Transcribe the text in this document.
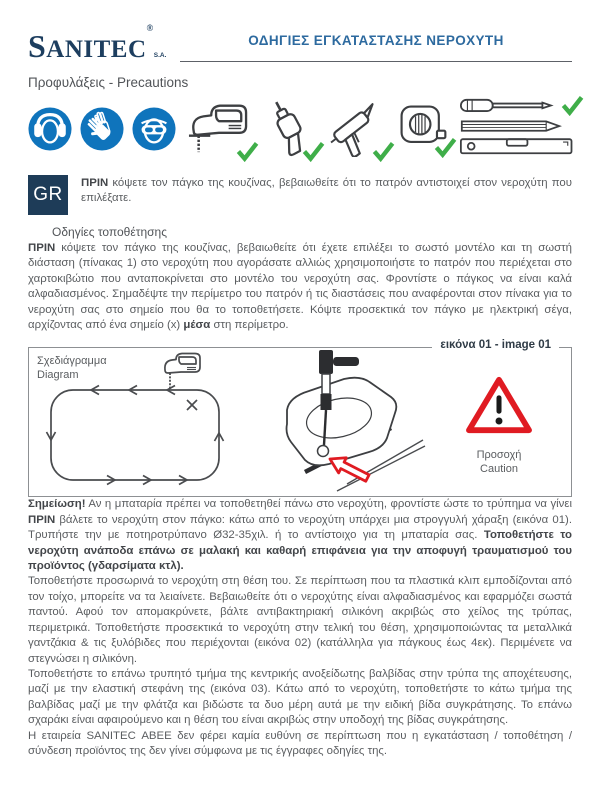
SANITEC®S.A.
ΟΔΗΓΙΕΣ ΕΓΚΑΤΑΣΤΑΣΗΣ ΝΕΡΟΧΥΤΗ
Προφυλάξεις - Precautions
GR
ΠΡΙΝ κόψετε τον πάγκο της κουζίνας, βεβαιωθείτε ότι το πατρόν αντιστοιχεί στον νεροχύτη που επιλέξατε.
Οδηγίες τοποθέτησης

ΠΡΙΝ κόψετε τον πάγκο της κουζίνας, βεβαιωθείτε ότι έχετε επιλέξει το σωστό μοντέλο και τη σωστή διάσταση (πίνακας 1) στο νεροχύτη που αγοράσατε αλλιώς χρησιμοποιήστε το πατρόν που περιέχεται στο χαρτοκιβώτιο που ανταποκρίνεται στο μοντέλο του νεροχύτη σας. Φροντίστε ο πάγκος να είναι καλά αλφαδιασμένος. Σημαδέψτε την περίμετρο του πατρόν ή τις διαστάσεις που αναφέρονται στον πίνακα για το νεροχύτη σας στο σημείο που θα το τοποθετήσετε. Κόψτε προσεκτικά τον πάγκο με ηλεκτρική σέγα, αρχίζοντας από ένα σημείο (x) μέσα στη περίμετρο.

εικόνα 01 - image 01
Σχεδιάγραμμα
Diagram
Προσοχή
Caution

Σημείωση! Αν η μπαταρία πρέπει να τοποθετηθεί πάνω στο νεροχύτη, φροντίστε ώστε το τρύπημα να γίνει ΠΡΙΝ βάλετε το νεροχύτη στον πάγκο: κάτω από το νεροχύτη υπάρχει μια στρογγυλή χάραξη (εικόνα 01). Τρυπήστε την με ποτηροτρύπανο Ø32-35χιλ. ή το αντίστοιχο για τη μπαταρία σας. Τοποθετήστε το νεροχύτη ανάποδα επάνω σε μαλακή και καθαρή επιφάνεια για την αποφυγή τραυματισμού του προϊόντος (γδαρσίματα κτλ).

Τοποθετήστε προσωρινά το νεροχύτη στη θέση του. Σε περίπτωση που τα πλαστικά κλιπ εμποδίζονται από τον τοίχο, μπορείτε να τα λειαίνετε. Βεβαιωθείτε ότι ο νεροχύτης είναι αλφαδιασμένος και εφαρμόζει σωστά παντού. Αφού τον απομακρύνετε, βάλτε αντιβακτηριακή σιλικόνη ακριβώς στο χείλος της τρύπας, περιμετρικά. Τοποθετήστε προσεκτικά το νεροχύτη στην τελική του θέση, χρησιμοποιώντας τα μεταλλικά γαντζάκια & τις ξυλόβιδες που περιέχονται (εικόνα 02) (κατάλληλα για πάγκους έως 4εκ). Περιμένετε να στεγνώσει η σιλικόνη.

Τοποθετήστε το επάνω τρυπητό τμήμα της κεντρικής ανοξείδωτης βαλβίδας στην τρύπα της αποχέτευσης, μαζί με την ελαστική στεφάνη της (εικόνα 03). Κάτω από το νεροχύτη, τοποθετήστε το κάτω τμήμα της βαλβίδας μαζί με την φλάτζα και βιδώστε τα δυο μέρη αυτά με την ειδική βίδα συγκράτησης. Το επάνω σχαράκι είναι αφαιρούμενο και η θέση του είναι ακριβώς στην υποδοχή της βίδας συγκράτησης.

Η εταιρεία SANITEC ΑΒΕΕ δεν φέρει καμία ευθύνη σε περίπτωση που η εγκατάσταση / τοποθέτηση / σύνδεση προϊόντος της δεν γίνει σύμφωνα με τις έγγραφες οδηγίες της.
